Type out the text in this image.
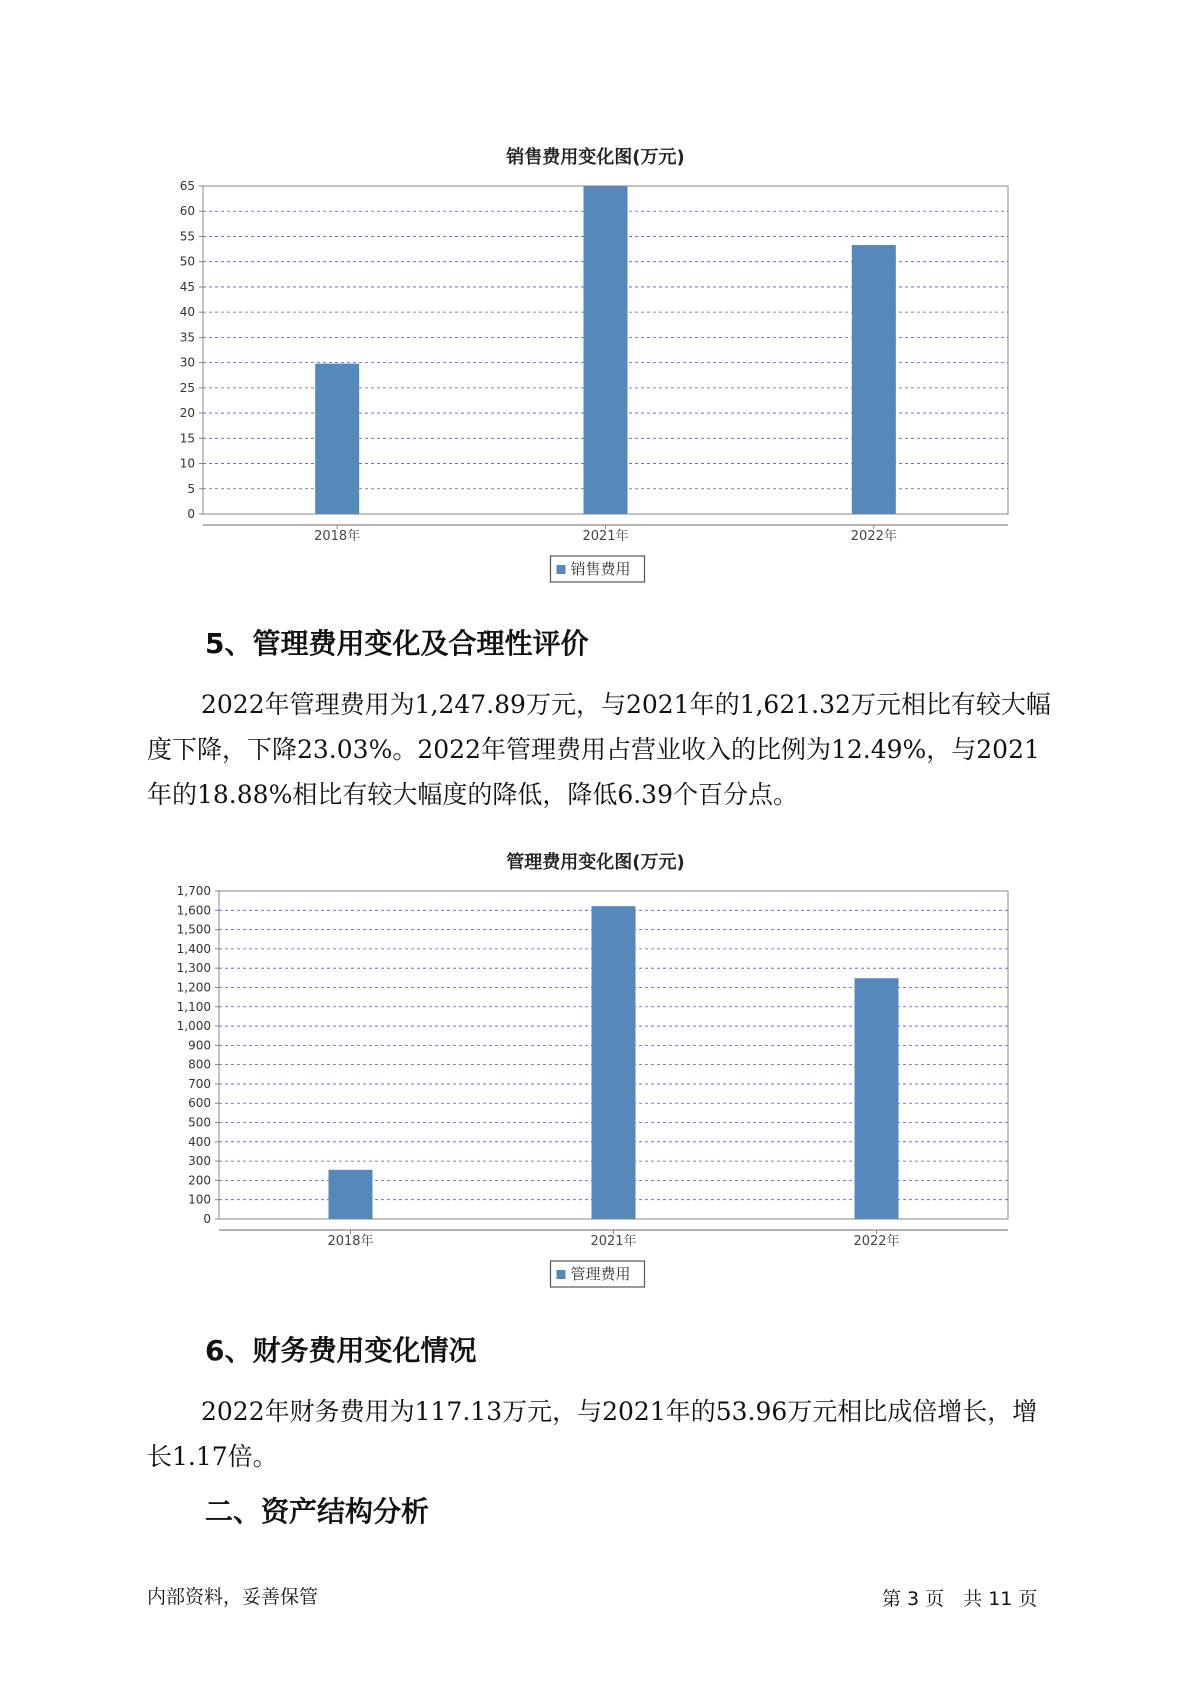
销售费用变化图(万元)
0
5
10
15
20
25
30
35
40
45
50
55
60
65
2018年	2021年	2022年
销售费用
5、管理费用变化及合理性评价

2022年管理费用为1,247.89万元，与2021年的1,621.32万元相比有较大幅度下降，下降23.03%。2022年管理费用占营业收入的比例为12.49%，与2021年的18.88%相比有较大幅度的降低，降低6.39个百分点。

管理费用变化图(万元)
0
100
200
300
400
500
600
700
800
900
1,000
1,100
1,200
1,300
1,400
1,500
1,600
1,700
2018年	2021年	2022年
管理费用
6、财务费用变化情况

2022年财务费用为117.13万元，与2021年的53.96万元相比成倍增长，增长1.17倍。

二、资产结构分析
内部资料，妥善保管	第 3 页　共 11 页
